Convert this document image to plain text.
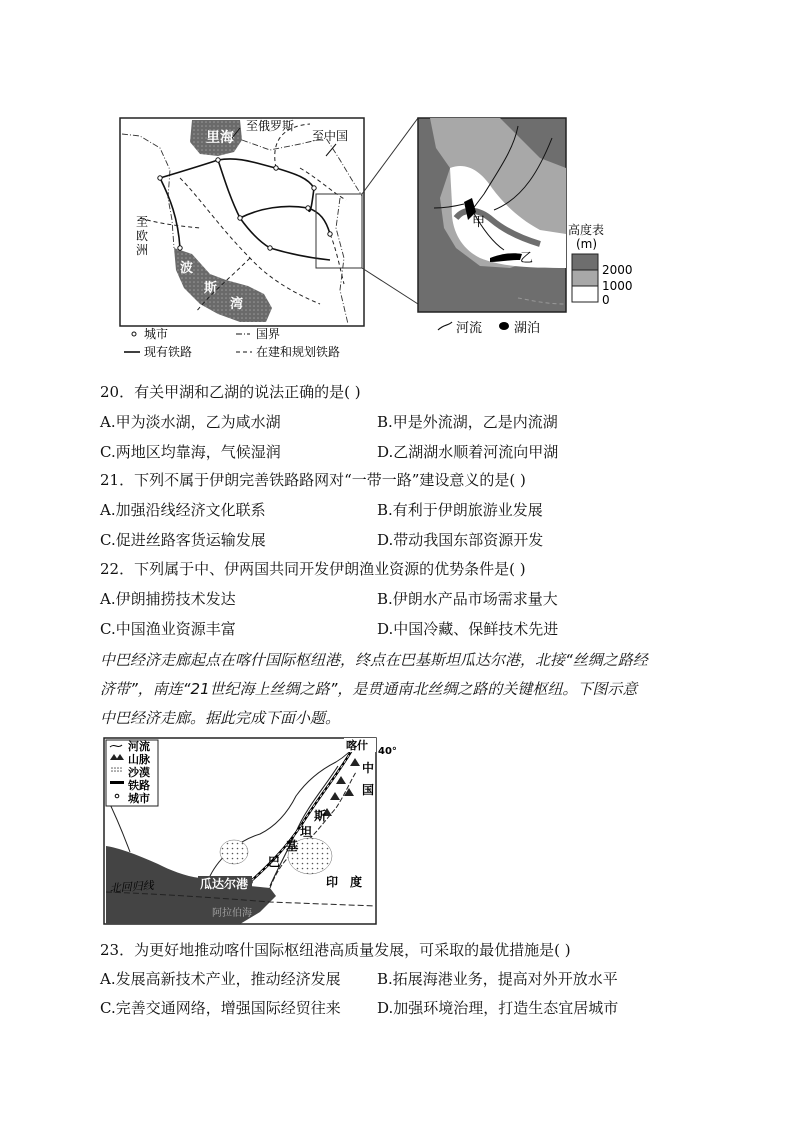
里海
波
斯
湾
至俄罗斯
至中国
至欧洲
城市	国界
现有铁路	在建和规划铁路
甲
乙
高度表
(m)
2000
1000
0
河流 湖泊
20．有关甲湖和乙湖的说法正确的是( )
A.甲为淡水湖，乙为咸水湖	B.甲是外流湖，乙是内流湖
C.两地区均靠海，气候湿润	D.乙湖湖水顺着河流向甲湖
21．下列不属于伊朗完善铁路路网对“一带一路”建设意义的是( )
A.加强沿线经济文化联系	B.有利于伊朗旅游业发展
C.促进丝路客货运输发展	D.带动我国东部资源开发
22．下列属于中、伊两国共同开发伊朗渔业资源的优势条件是( )
A.伊朗捕捞技术发达	B.伊朗水产品市场需求量大
C.中国渔业资源丰富	D.中国冷藏、保鲜技术先进
中巴经济走廊起点在喀什国际枢纽港，终点在巴基斯坦瓜达尔港，北接“丝绸之路经
济带”，南连“21世纪海上丝绸之路”，是贯通南北丝绸之路的关键枢纽。下图示意
中巴经济走廊。据此完成下面小题。
河流
山脉
沙漠
铁路
城市
喀什 40°
中
国
斯
坦
基
巴
印　度
瓜达尔港
北回归线
阿拉伯海
23．为更好地推动喀什国际枢纽港高质量发展，可采取的最优措施是( )
A.发展高新技术产业，推动经济发展 B.拓展海港业务，提高对外开放水平
C.完善交通网络，增强国际经贸往来 D.加强环境治理，打造生态宜居城市
